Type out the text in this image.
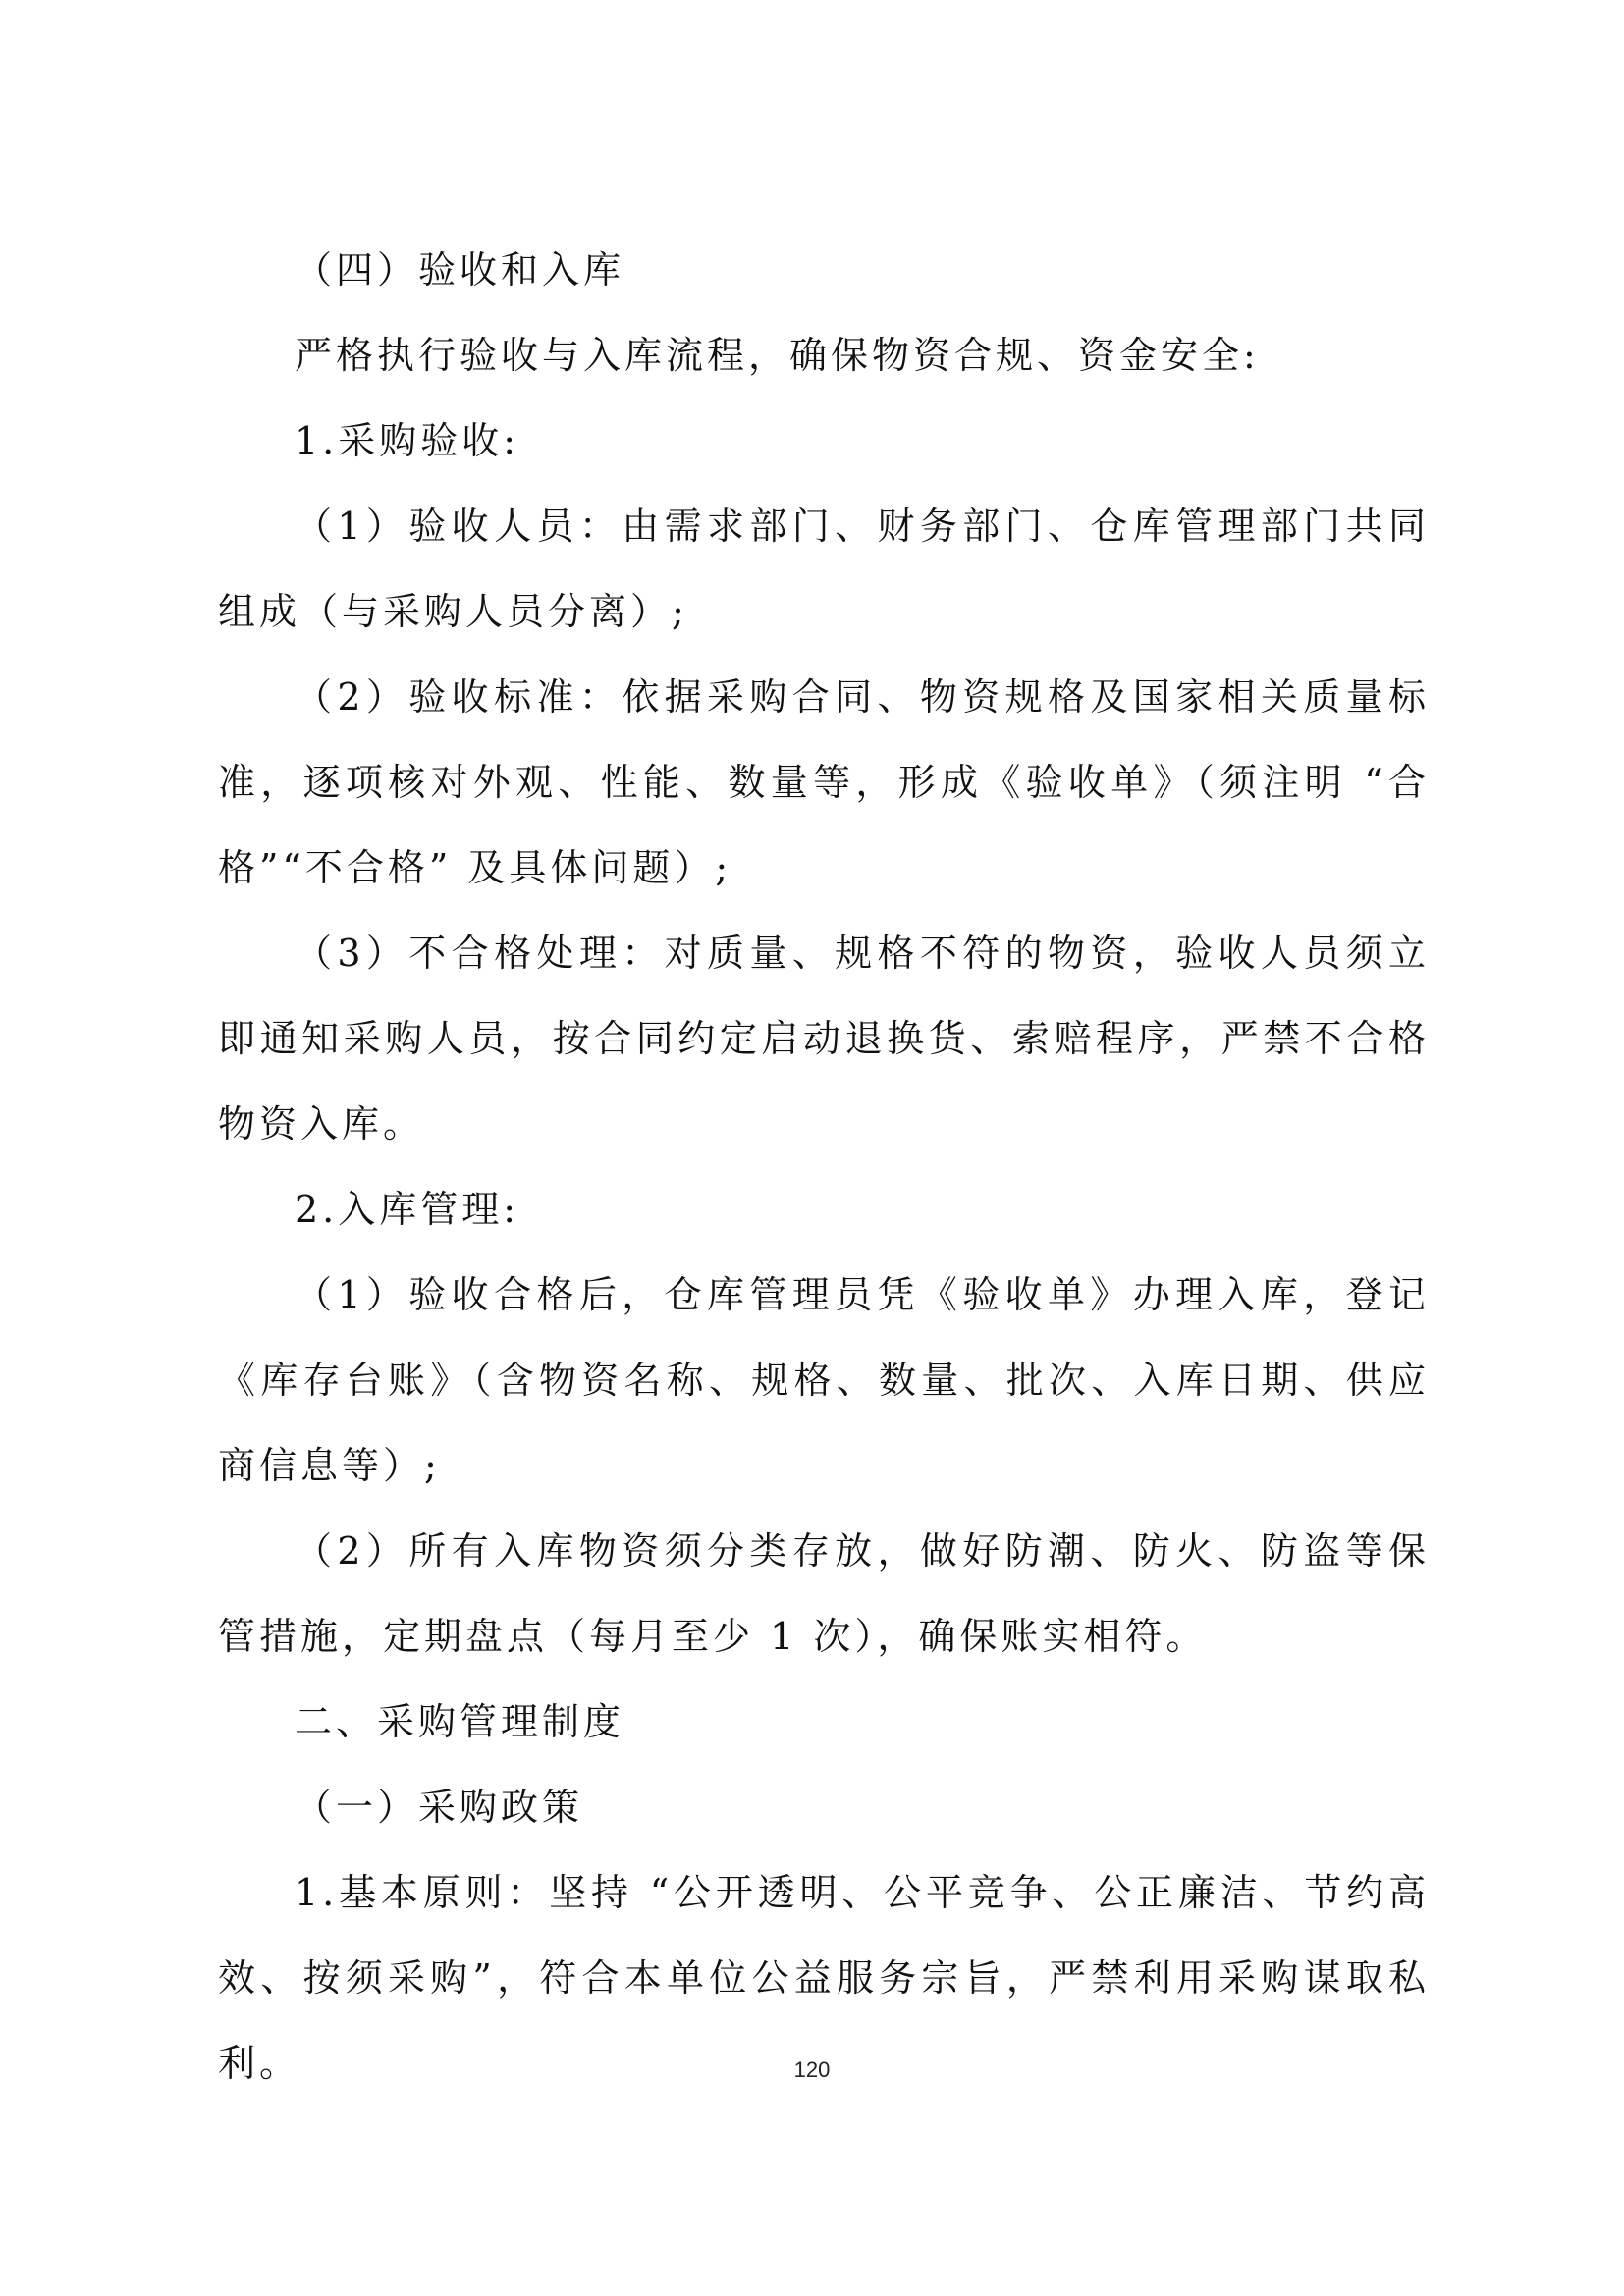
（四）验收和入库

严格执行验收与入库流程，确保物资合规、资金安全:

1.采购验收:

（1）验收人员：由需求部门、财务部门、仓库管理部门共同组成（与采购人员分离）;

（2）验收标准：依据采购合同、物资规格及国家相关质量标准，逐项核对外观、性能、数量等，形成《验收单》（须注明 “合格”“不合格” 及具体问题）;

（3）不合格处理：对质量、规格不符的物资，验收人员须立即通知采购人员，按合同约定启动退换货、索赔程序，严禁不合格物资入库。

2.入库管理:

（1）验收合格后，仓库管理员凭《验收单》办理入库，登记《库存台账》（含物资名称、规格、数量、批次、入库日期、供应商信息等）;

（2）所有入库物资须分类存放，做好防潮、防火、防盗等保管措施，定期盘点（每月至少 1 次），确保账实相符。

二、采购管理制度

（一）采购政策

1.基本原则：坚持 “公开透明、公平竞争、公正廉洁、节约高效、按须采购”，符合本单位公益服务宗旨，严禁利用采购谋取私利。	120
